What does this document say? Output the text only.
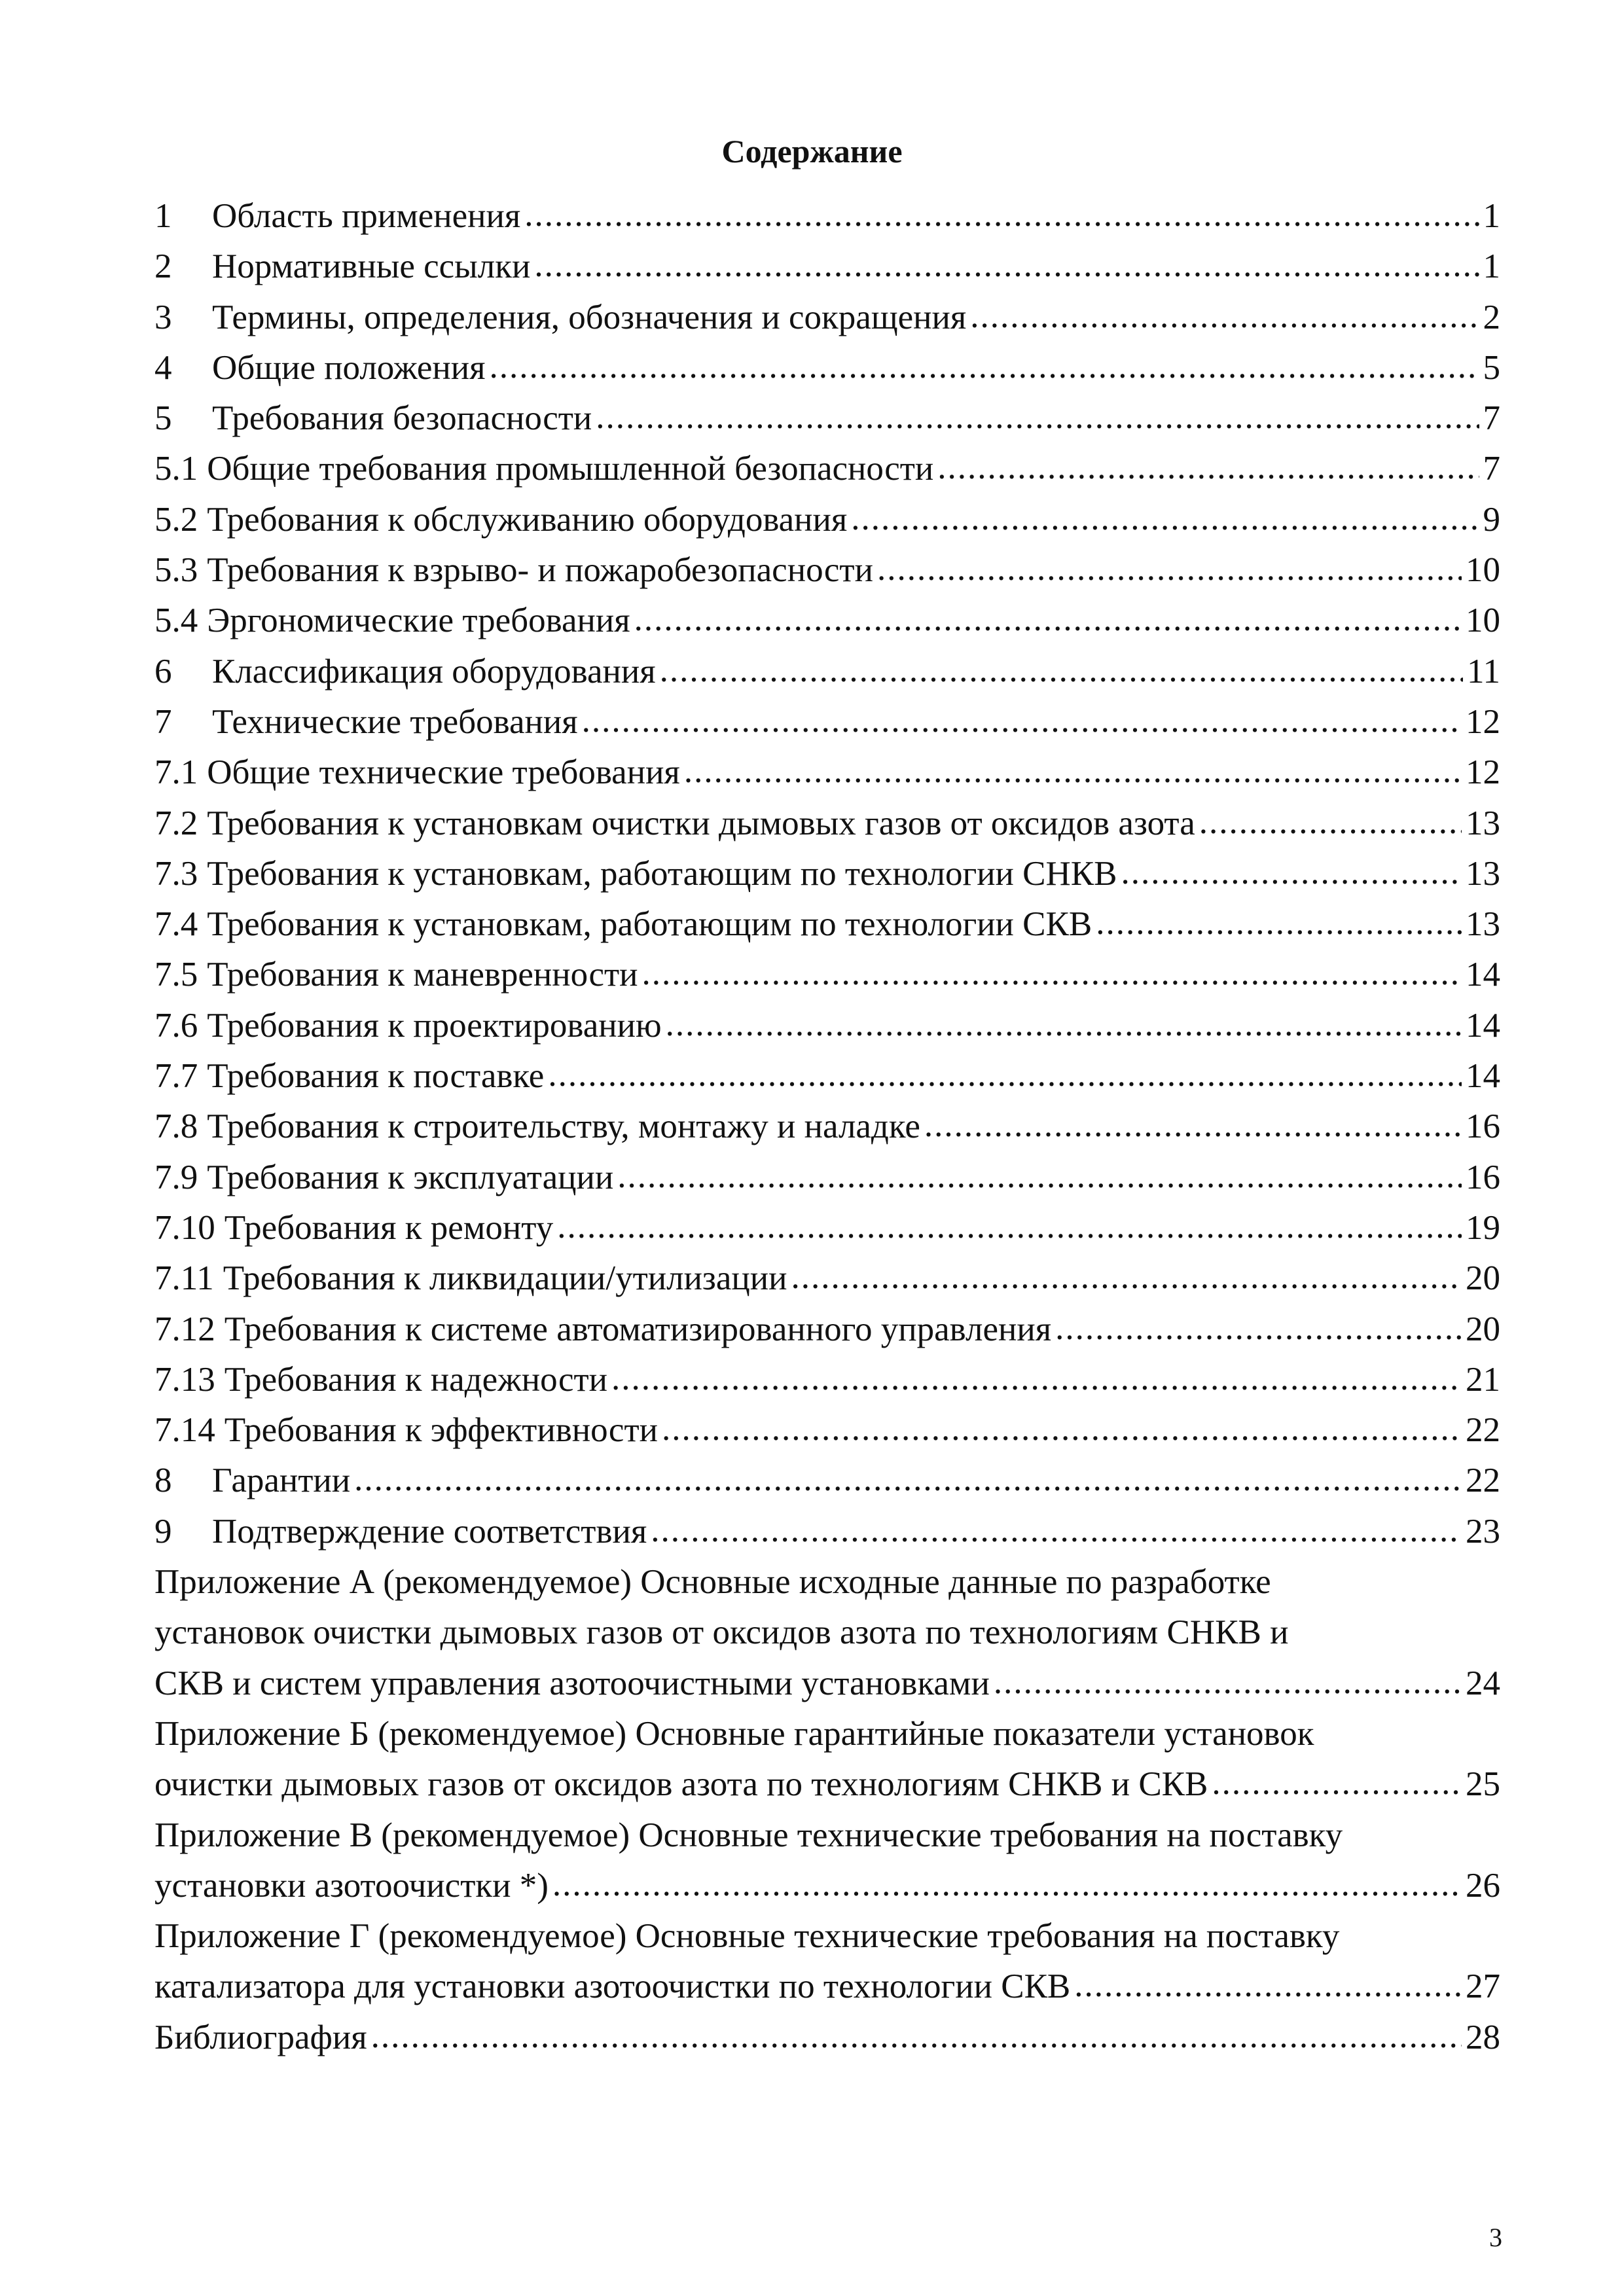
Содержание
1	Область применения .....	1
2	Нормативные ссылки .....	1
3	Термины, определения, обозначения и сокращения .....	2
4	Общие положения .....	5
5	Требования безопасности .....	7
5.1 Общие требования промышленной безопасности .....	7
5.2 Требования к обслуживанию оборудования .....	9
5.3 Требования к взрыво- и пожаробезопасности .....	10
5.4 Эргономические требования .....	10
6	Классификация оборудования .....	11
7	Технические требования .....	12
7.1 Общие технические требования .....	12
7.2 Требования к установкам очистки дымовых газов от оксидов азота .....	13
7.3 Требования к установкам, работающим по технологии СНКВ .....	13
7.4 Требования к установкам, работающим по технологии СКВ .....	13
7.5 Требования к маневренности .....	14
7.6 Требования к проектированию .....	14
7.7 Требования к поставке .....	14
7.8 Требования к строительству, монтажу и наладке .....	16
7.9 Требования к эксплуатации .....	16
7.10 Требования к ремонту .....	19
7.11 Требования к ликвидации/утилизации .....	20
7.12 Требования к системе автоматизированного управления .....	20
7.13 Требования к надежности .....	21
7.14 Требования к эффективности .....	22
8	Гарантии .....	22
9	Подтверждение соответствия .....	23
Приложение А (рекомендуемое) Основные исходные данные по разработке
установок очистки дымовых газов от оксидов азота по технологиям СНКВ и
СКВ и систем управления азотоочистными установками .....	24
Приложение Б (рекомендуемое) Основные гарантийные показатели установок
очистки дымовых газов от оксидов азота по технологиям СНКВ и СКВ .....	25
Приложение В (рекомендуемое) Основные технические требования на поставку
установки азотоочистки *) .....	26
Приложение Г (рекомендуемое) Основные технические требования на поставку
катализатора для установки азотоочистки по технологии СКВ .....	27
Библиография .....	28
3
